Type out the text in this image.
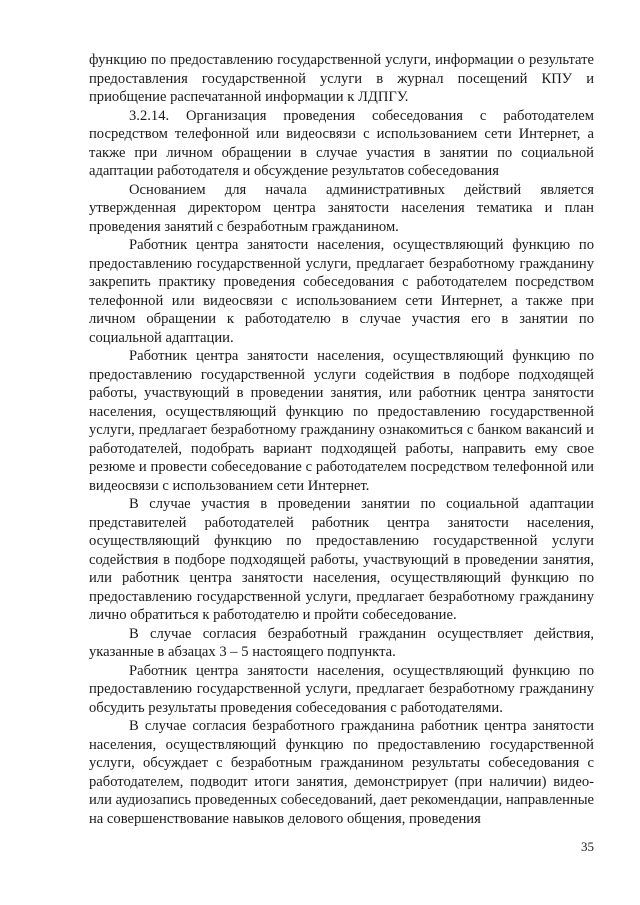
функцию по предоставлению государственной услуги, информации о результате предоставления государственной услуги в журнал посещений КПУ и приобщение распечатанной информации к ЛДПГУ.

3.2.14. Организация проведения собеседования с работодателем посредством телефонной или видеосвязи с использованием сети Интернет, а также при личном обращении в случае участия в занятии по социальной адаптации работодателя и обсуждение результатов собеседования

Основанием для начала административных действий является утвержденная директором центра занятости населения тематика и план проведения занятий с безработным гражданином.

Работник центра занятости населения, осуществляющий функцию по предоставлению государственной услуги, предлагает безработному гражданину закрепить практику проведения собеседования с работодателем посредством телефонной или видеосвязи с использованием сети Интернет, а также при личном обращении к работодателю в случае участия его в занятии по социальной адаптации.

Работник центра занятости населения, осуществляющий функцию по предоставлению государственной услуги содействия в подборе подходящей работы, участвующий в проведении занятия, или работник центра занятости населения, осуществляющий функцию по предоставлению государственной услуги, предлагает безработному гражданину ознакомиться с банком вакансий и работодателей, подобрать вариант подходящей работы, направить ему свое резюме и провести собеседование с работодателем посредством телефонной или видеосвязи с использованием сети Интернет.

В случае участия в проведении занятии по социальной адаптации представителей работодателей работник центра занятости населения, осуществляющий функцию по предоставлению государственной услуги содействия в подборе подходящей работы, участвующий в проведении занятия, или работник центра занятости населения, осуществляющий функцию по предоставлению государственной услуги, предлагает безработному гражданину лично обратиться к работодателю и пройти собеседование.

В случае согласия безработный гражданин осуществляет действия, указанные в абзацах 3 – 5 настоящего подпункта.

Работник центра занятости населения, осуществляющий функцию по предоставлению государственной услуги, предлагает безработному гражданину обсудить результаты проведения собеседования с работодателями.

В случае согласия безработного гражданина работник центра занятости населения, осуществляющий функцию по предоставлению государственной услуги, обсуждает с безработным гражданином результаты собеседования с работодателем, подводит итоги занятия, демонстрирует (при наличии) видео- или аудиозапись проведенных собеседований, дает рекомендации, направленные на совершенствование навыков делового общения, проведения

35
